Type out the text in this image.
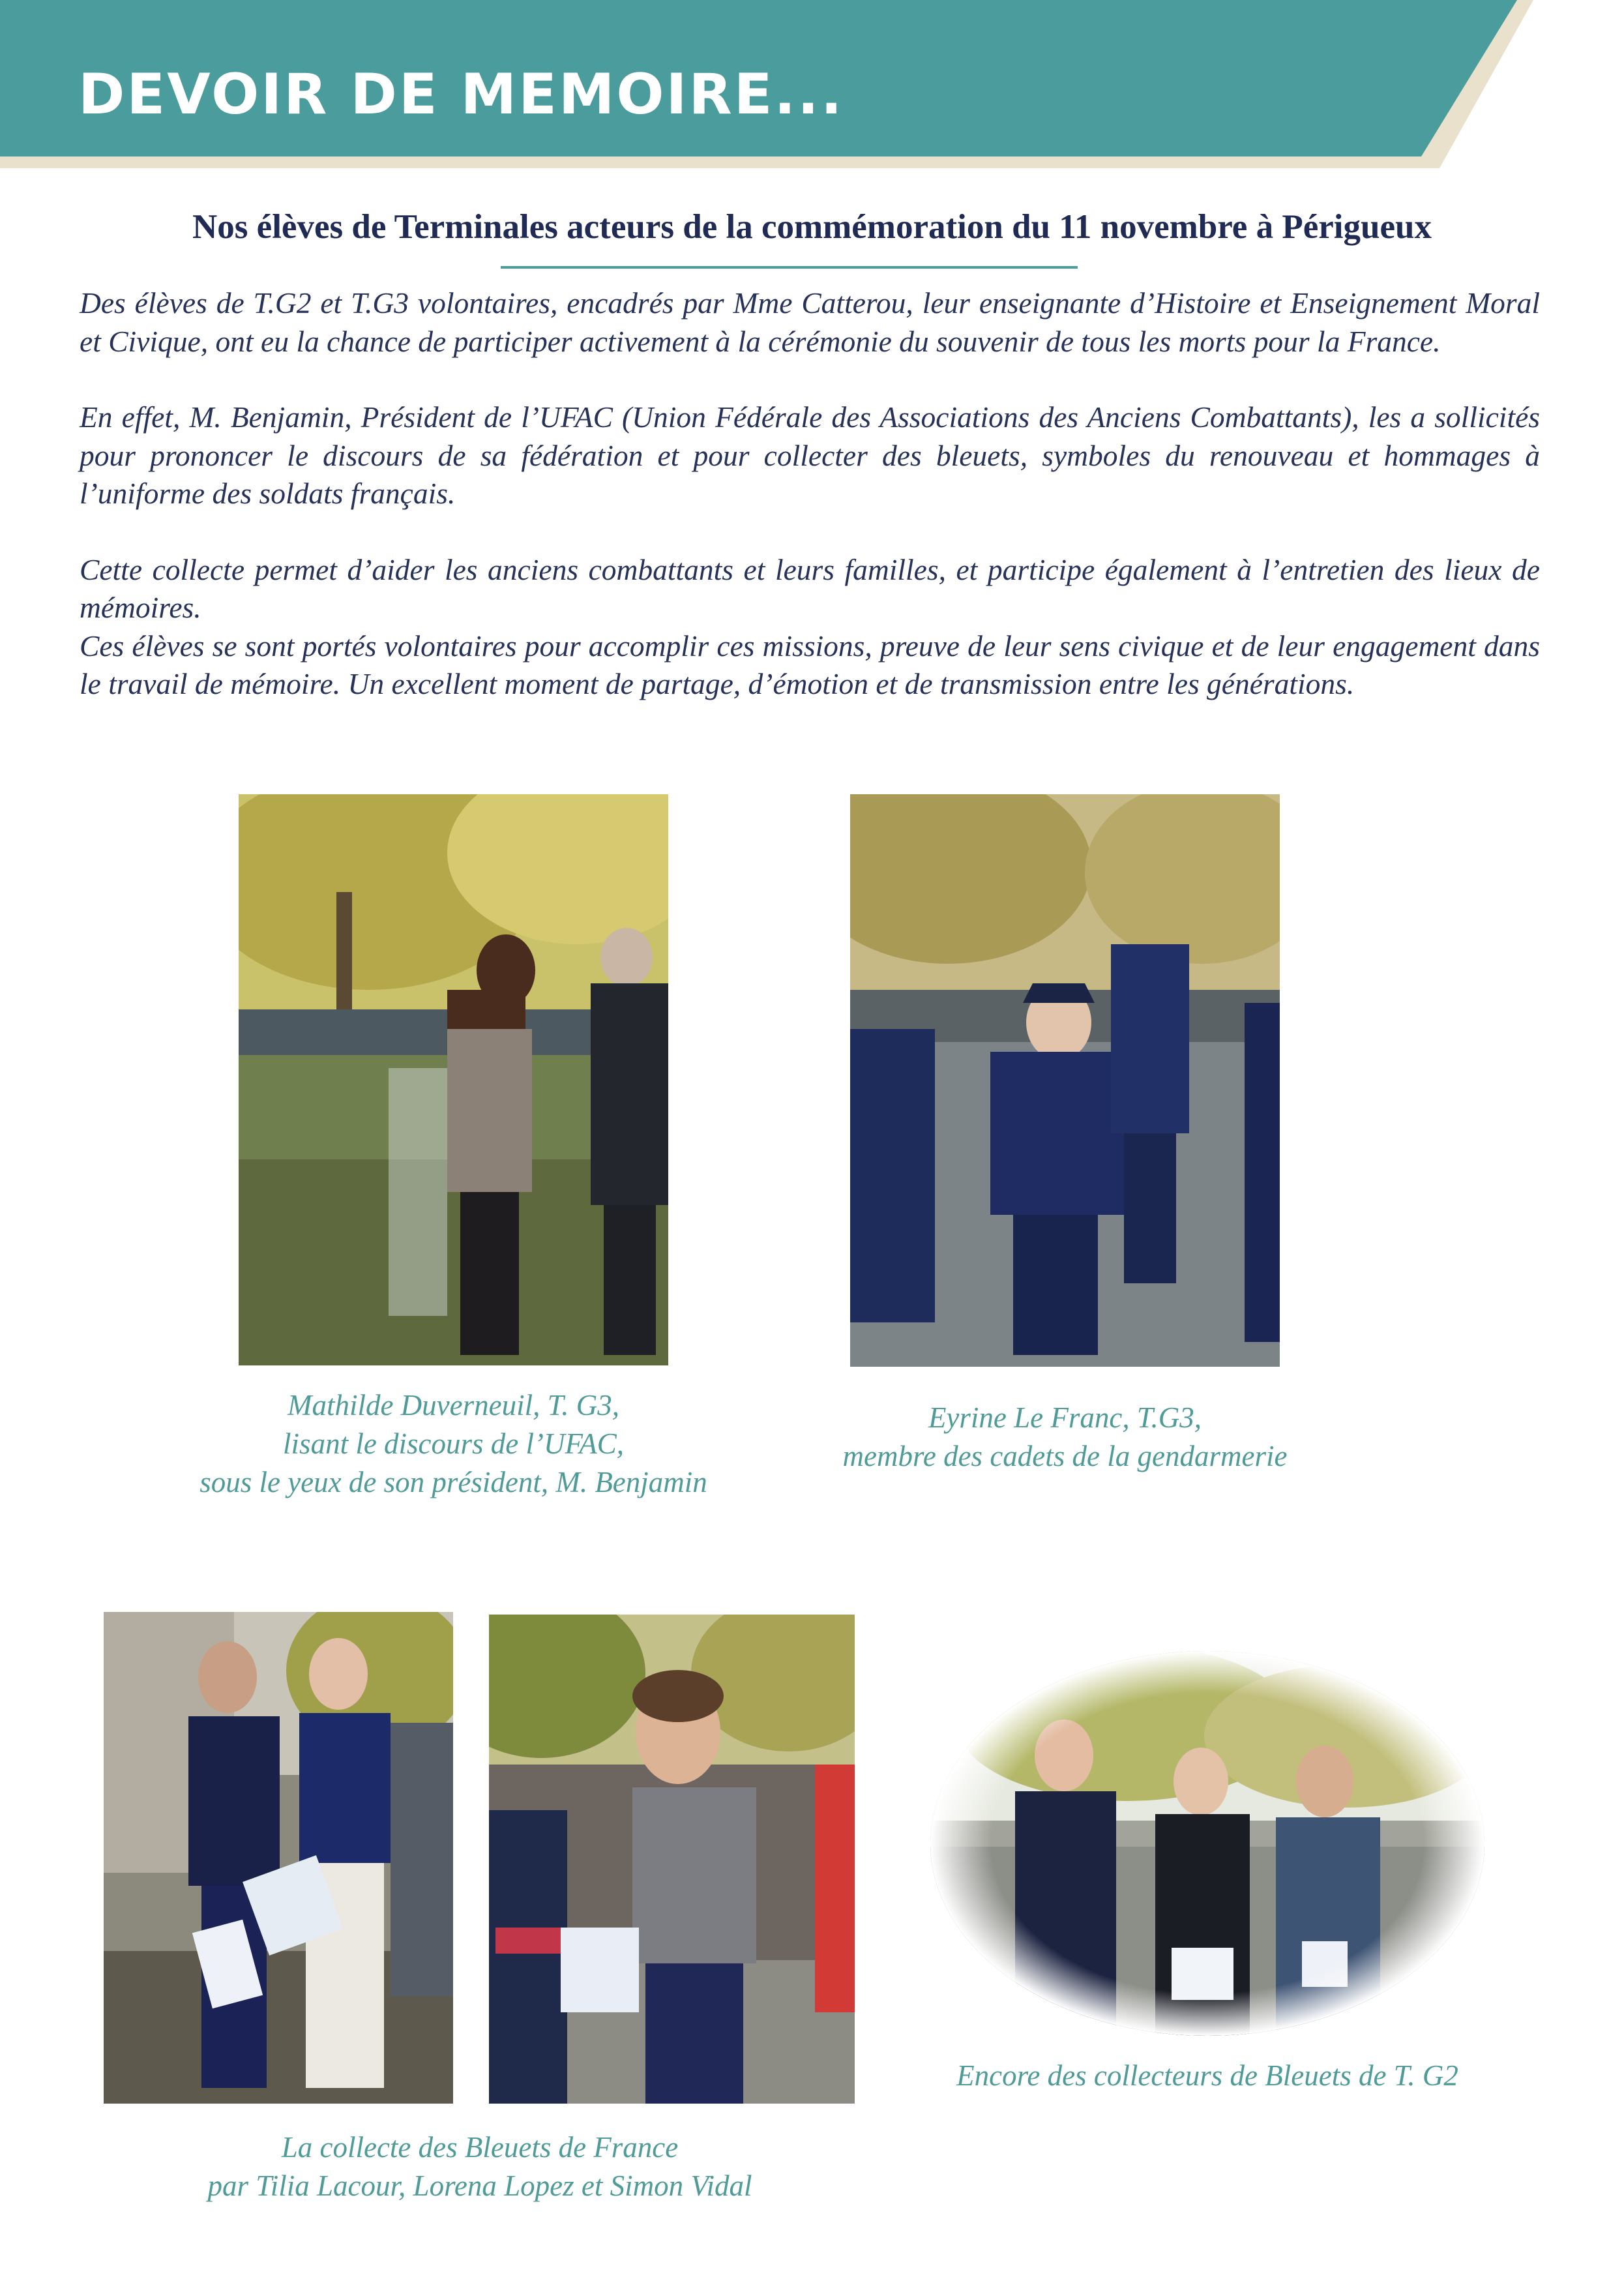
DEVOIR DE MEMOIRE...
Nos élèves de Terminales acteurs de la commémoration du 11 novembre à Périgueux

Des élèves de T.G2 et T.G3 volontaires, encadrés par Mme Catterou, leur enseignante d’Histoire et Enseignement Moral et Civique, ont eu la chance de participer activement à la cérémonie du souvenir de tous les morts pour la France.

En effet, M. Benjamin, Président de l’UFAC (Union Fédérale des Associations des Anciens Combattants), les a sollicités pour prononcer le discours de sa fédération et pour collecter des bleuets, symboles du renouveau et hommages à l’uniforme des soldats français.

Cette collecte permet d’aider les anciens combattants et leurs familles, et participe également à l’entretien des lieux de mémoires.

Ces élèves se sont portés volontaires pour accomplir ces missions, preuve de leur sens civique et de leur engagement dans le travail de mémoire. Un excellent moment de partage, d’émotion et de transmission entre les générations.

Mathilde Duverneuil, T. G3,
lisant le discours de l’UFAC,
sous le yeux de son président, M. Benjamin
Eyrine Le Franc, T.G3,
membre des cadets de la gendarmerie
La collecte des Bleuets de France
par Tilia Lacour, Lorena Lopez et Simon Vidal
Encore des collecteurs de Bleuets de T. G2
